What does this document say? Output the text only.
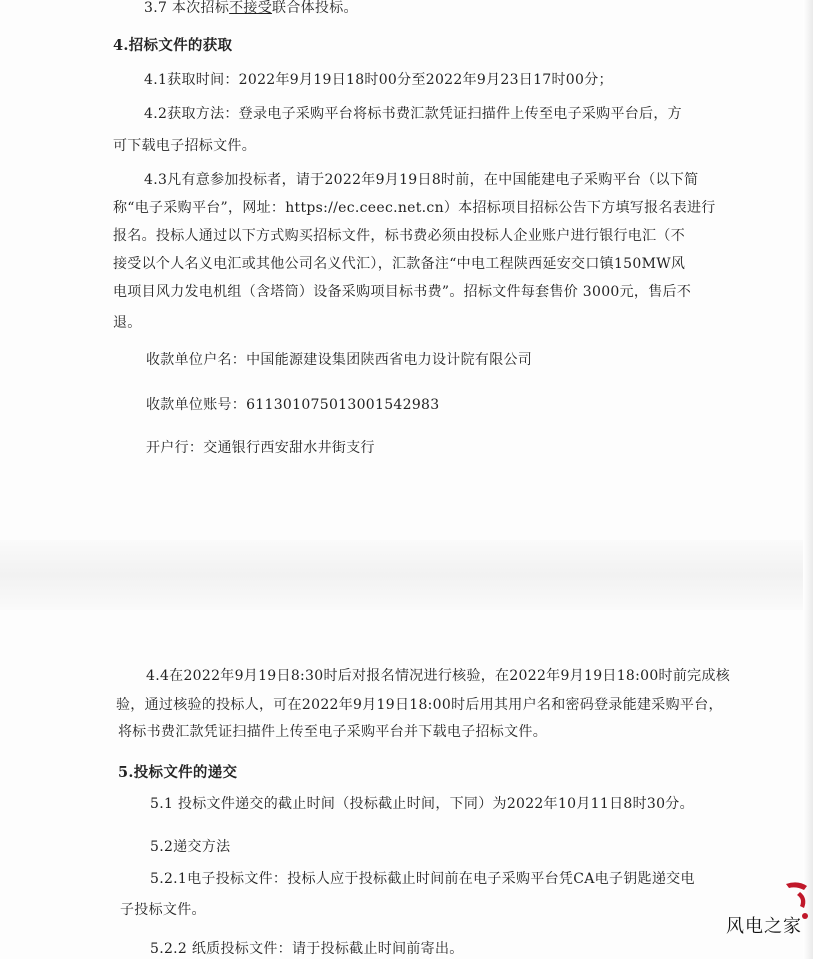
3.7 本次招标不接受联合体投标。
4.招标文件的获取
4.1获取时间：2022年9月19日18时00分至2022年9月23日17时00分；
4.2获取方法：登录电子采购平台将标书费汇款凭证扫描件上传至电子采购平台后，方
可下载电子招标文件。
4.3凡有意参加投标者，请于2022年9月19日8时前，在中国能建电子采购平台（以下简
称“电子采购平台”，网址：https://ec.ceec.net.cn）本招标项目招标公告下方填写报名表进行
报名。投标人通过以下方式购买招标文件，标书费必须由投标人企业账户进行银行电汇（不
接受以个人名义电汇或其他公司名义代汇），汇款备注“中电工程陕西延安交口镇150MW风
电项目风力发电机组（含塔筒）设备采购项目标书费”。招标文件每套售价 3000元，售后不
退。
收款单位户名：中国能源建设集团陕西省电力设计院有限公司
收款单位账号：611301075013001542983
开户行：交通银行西安甜水井街支行
4.4在2022年9月19日8:30时后对报名情况进行核验，在2022年9月19日18:00时前完成核
验，通过核验的投标人，可在2022年9月19日18:00时后用其用户名和密码登录能建采购平台，
将标书费汇款凭证扫描件上传至电子采购平台并下载电子招标文件。
5.投标文件的递交
5.1 投标文件递交的截止时间（投标截止时间，下同）为2022年10月11日8时30分。
5.2递交方法
5.2.1电子投标文件：投标人应于投标截止时间前在电子采购平台凭CA电子钥匙递交电
子投标文件。
5.2.2 纸质投标文件：请于投标截止时间前寄出。
风电之家
